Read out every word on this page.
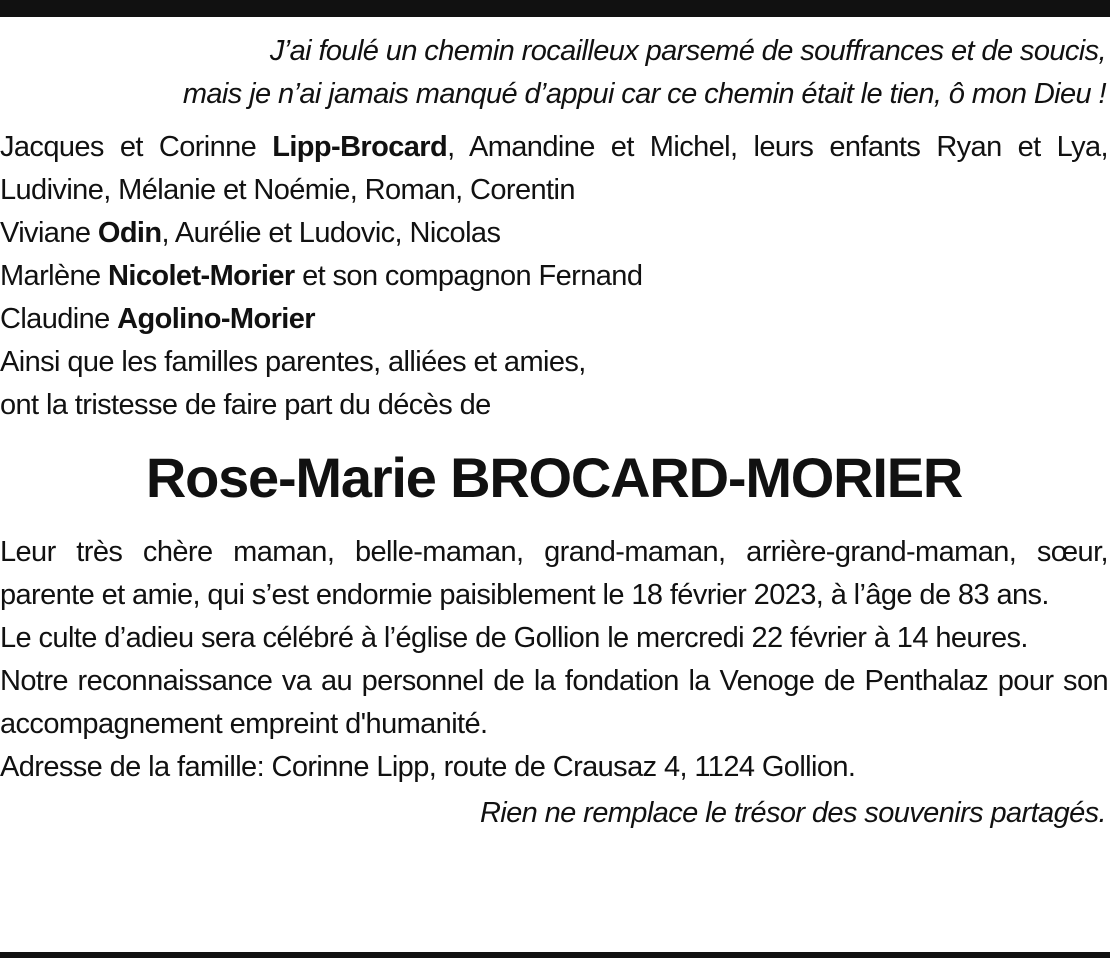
J’ai foulé un chemin rocailleux parsemé de souffrances et de soucis,
mais je n’ai jamais manqué d’appui car ce chemin était le tien, ô mon Dieu !
Jacques et Corinne Lipp-Brocard, Amandine et Michel, leurs enfants Ryan et Lya, Ludivine, Mélanie et Noémie, Roman, Corentin
Viviane Odin, Aurélie et Ludovic, Nicolas
Marlène Nicolet-Morier et son compagnon Fernand
Claudine Agolino-Morier
Ainsi que les familles parentes, alliées et amies,
ont la tristesse de faire part du décès de
Rose-Marie BROCARD-MORIER
Leur très chère maman, belle-maman, grand-maman, arrière-grand-maman, sœur, parente et amie, qui s’est endormie paisiblement le 18 février 2023, à l’âge de 83 ans.
Le culte d’adieu sera célébré à l’église de Gollion le mercredi 22 février à 14 heures.
Notre reconnaissance va au personnel de la fondation la Venoge de Penthalaz pour son accompagnement empreint d'humanité.
Adresse de la famille: Corinne Lipp, route de Crausaz 4, 1124 Gollion.
Rien ne remplace le trésor des souvenirs partagés.
